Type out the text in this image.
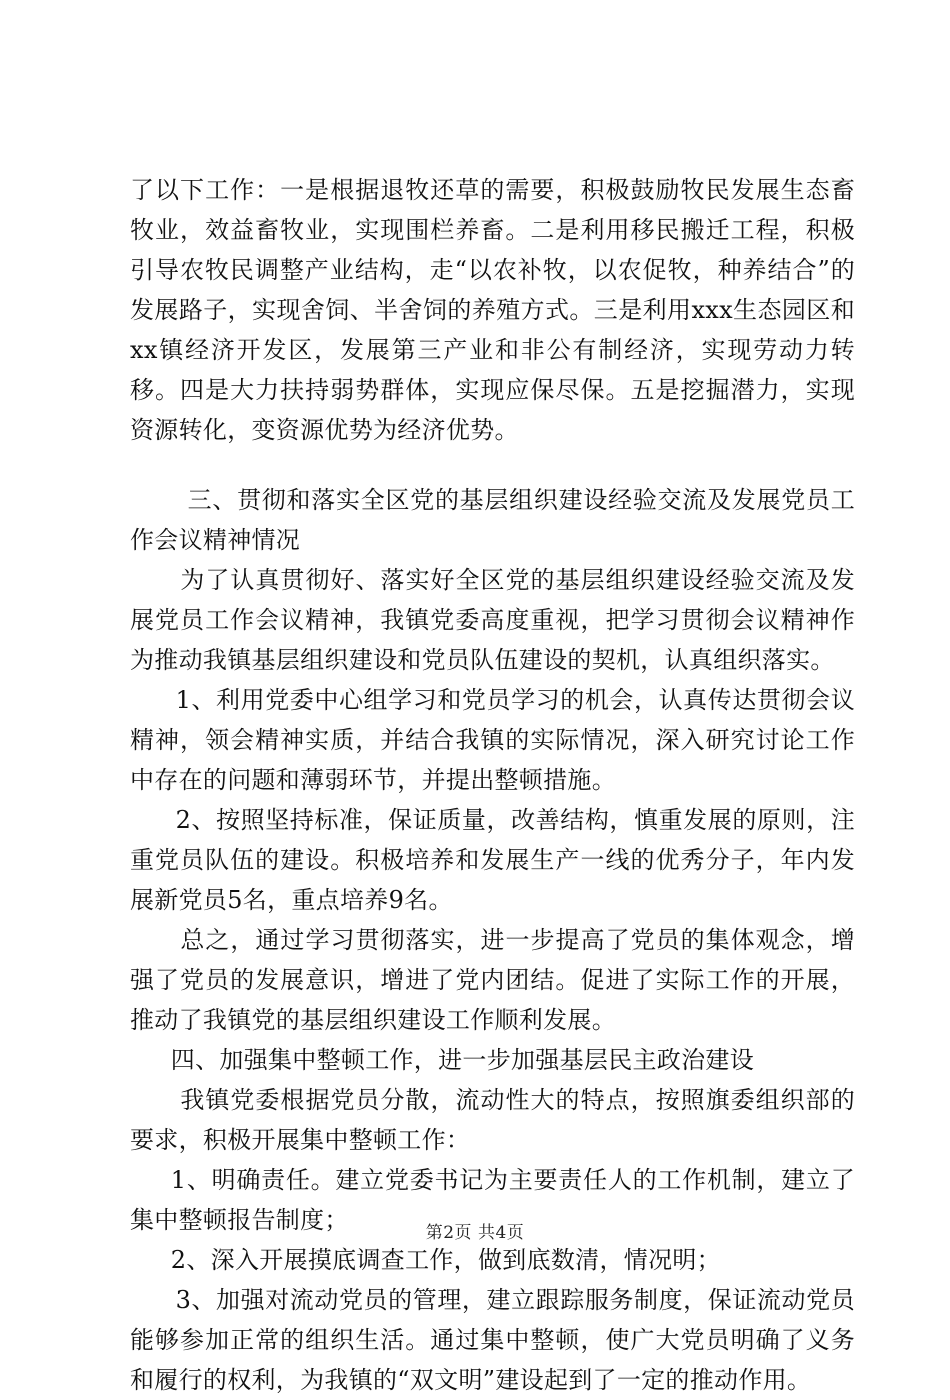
了以下工作：一是根据退牧还草的需要，积极鼓励牧民发展生态畜牧业，效益畜牧业，实现围栏养畜。二是利用移民搬迁工程，积极引导农牧民调整产业结构，走“以农补牧，以农促牧，种养结合”的发展路子，实现舍饲、半舍饲的养殖方式。三是利用xxx生态园区和xx镇经济开发区，发展第三产业和非公有制经济，实现劳动力转移。四是大力扶持弱势群体，实现应保尽保。五是挖掘潜力，实现资源转化，变资源优势为经济优势。

三、贯彻和落实全区党的基层组织建设经验交流及发展党员工作会议精神情况

为了认真贯彻好、落实好全区党的基层组织建设经验交流及发展党员工作会议精神，我镇党委高度重视，把学习贯彻会议精神作为推动我镇基层组织建设和党员队伍建设的契机，认真组织落实。

1、利用党委中心组学习和党员学习的机会，认真传达贯彻会议精神，领会精神实质，并结合我镇的实际情况，深入研究讨论工作中存在的问题和薄弱环节，并提出整顿措施。

2、按照坚持标准，保证质量，改善结构，慎重发展的原则，注重党员队伍的建设。积极培养和发展生产一线的优秀分子，年内发展新党员5名，重点培养9名。

总之，通过学习贯彻落实，进一步提高了党员的集体观念，增强了党员的发展意识，增进了党内团结。促进了实际工作的开展，推动了我镇党的基层组织建设工作顺利发展。

四、加强集中整顿工作，进一步加强基层民主政治建设

我镇党委根据党员分散，流动性大的特点，按照旗委组织部的要求，积极开展集中整顿工作：

1、明确责任。建立党委书记为主要责任人的工作机制，建立了集中整顿报告制度；

2、深入开展摸底调查工作，做到底数清，情况明；

3、加强对流动党员的管理，建立跟踪服务制度，保证流动党员能够参加正常的组织生活。通过集中整顿，使广大党员明确了义务和履行的权利，为我镇的“双文明”建设起到了一定的推动作用。

第2页 共4页
